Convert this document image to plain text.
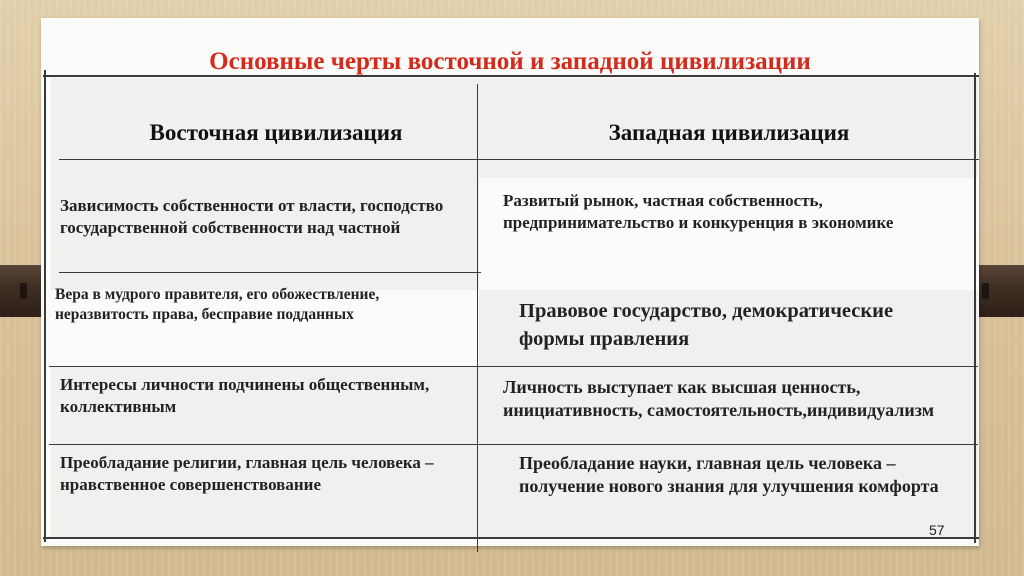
Основные черты восточной и западной цивилизации
Восточная цивилизация	Западная цивилизация
Зависимость собственности от власти, господство государственной собственности над частной
Развитый рынок, частная собственность, предпринимательство и конкуренция в экономике
Вера в мудрого правителя, его обожествление, неразвитость права, бесправие подданных	Правовое государство, демократические формы правления
Интересы личности подчинены общественным, коллективным
Личность выступает как высшая ценность, инициативность, самостоятельность,индивидуализм
Преобладание религии, главная цель человека – нравственное совершенствование
Преобладание науки, главная цель человека – получение нового знания для улучшения комфорта
57
